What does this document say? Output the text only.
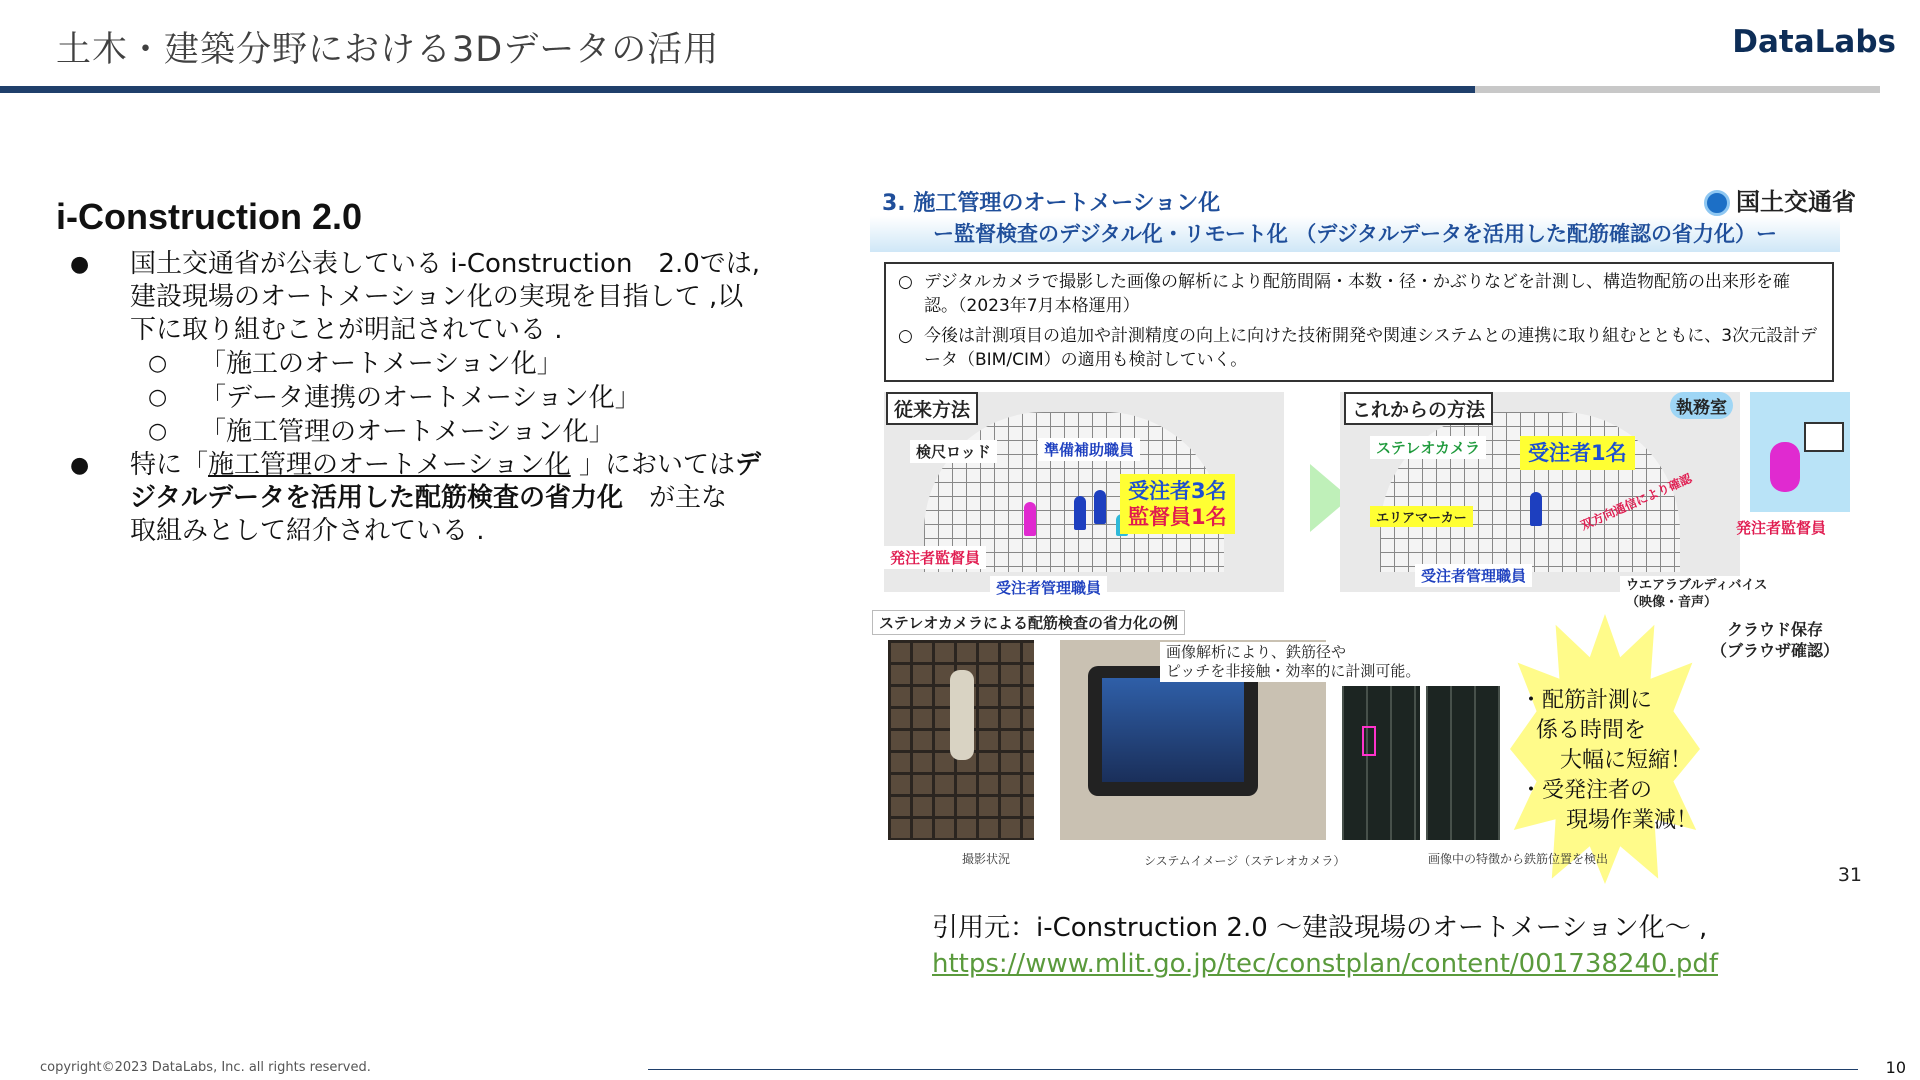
土木・建築分野における3Dデータの活用	DataLabs
i-Construction 2.0
● 国土交通省が公表している i-Construction　2.0では,
建設現場のオートメーション化の実現を目指して ,以
下に取り組むことが明記されている .
○ 「施工のオートメーション化」
○ 「データ連携のオートメーション化」
○ 「施工管理のオートメーション化」
● 特に「施工管理のオートメーション化 」においてはデ
ジタルデータを活用した配筋検査の省力化　が主な
取組みとして紹介されている .
3. 施工管理のオートメーション化	国土交通省
ー監督検査のデジタル化・リモート化 （デジタルデータを活用した配筋確認の省力化）ー
○ デジタルカメラで撮影した画像の解析により配筋間隔・本数・径・かぶりなどを計測し、構造物配筋の出来形を確認。（2023年7月本格運用）
○ 今後は計測項目の追加や計測精度の向上に向けた技術開発や関連システムとの連携に取り組むとともに、3次元設計データ（BIM/CIM）の適用も検討していく。
従来方法
検尺ロッド	準備補助職員
受注者3名
監督員1名
発注者監督員
受注者管理職員
これからの方法	執務室
ステレオカメラ	受注者1名
エリアマーカー	双方向通信により確認
受注者管理職員
ウエアラブルディバイス
（映像・音声）
発注者監督員
クラウド保存
（ブラウザ確認）
ステレオカメラによる配筋検査の省力化の例
画像解析により、鉄筋径や
ピッチを非接触・効率的に計測可能。
・配筋計測に
係る時間を
大幅に短縮！
・受発注者の
現場作業減！
撮影状況	システムイメージ（ステレオカメラ）	画像中の特徴から鉄筋位置を検出
31
引用元：i-Construction 2.0 ～建設現場のオートメーション化～ ,
https://www.mlit.go.jp/tec/constplan/content/001738240.pdf
copyright©2023 DataLabs, Inc. all rights reserved.	10
